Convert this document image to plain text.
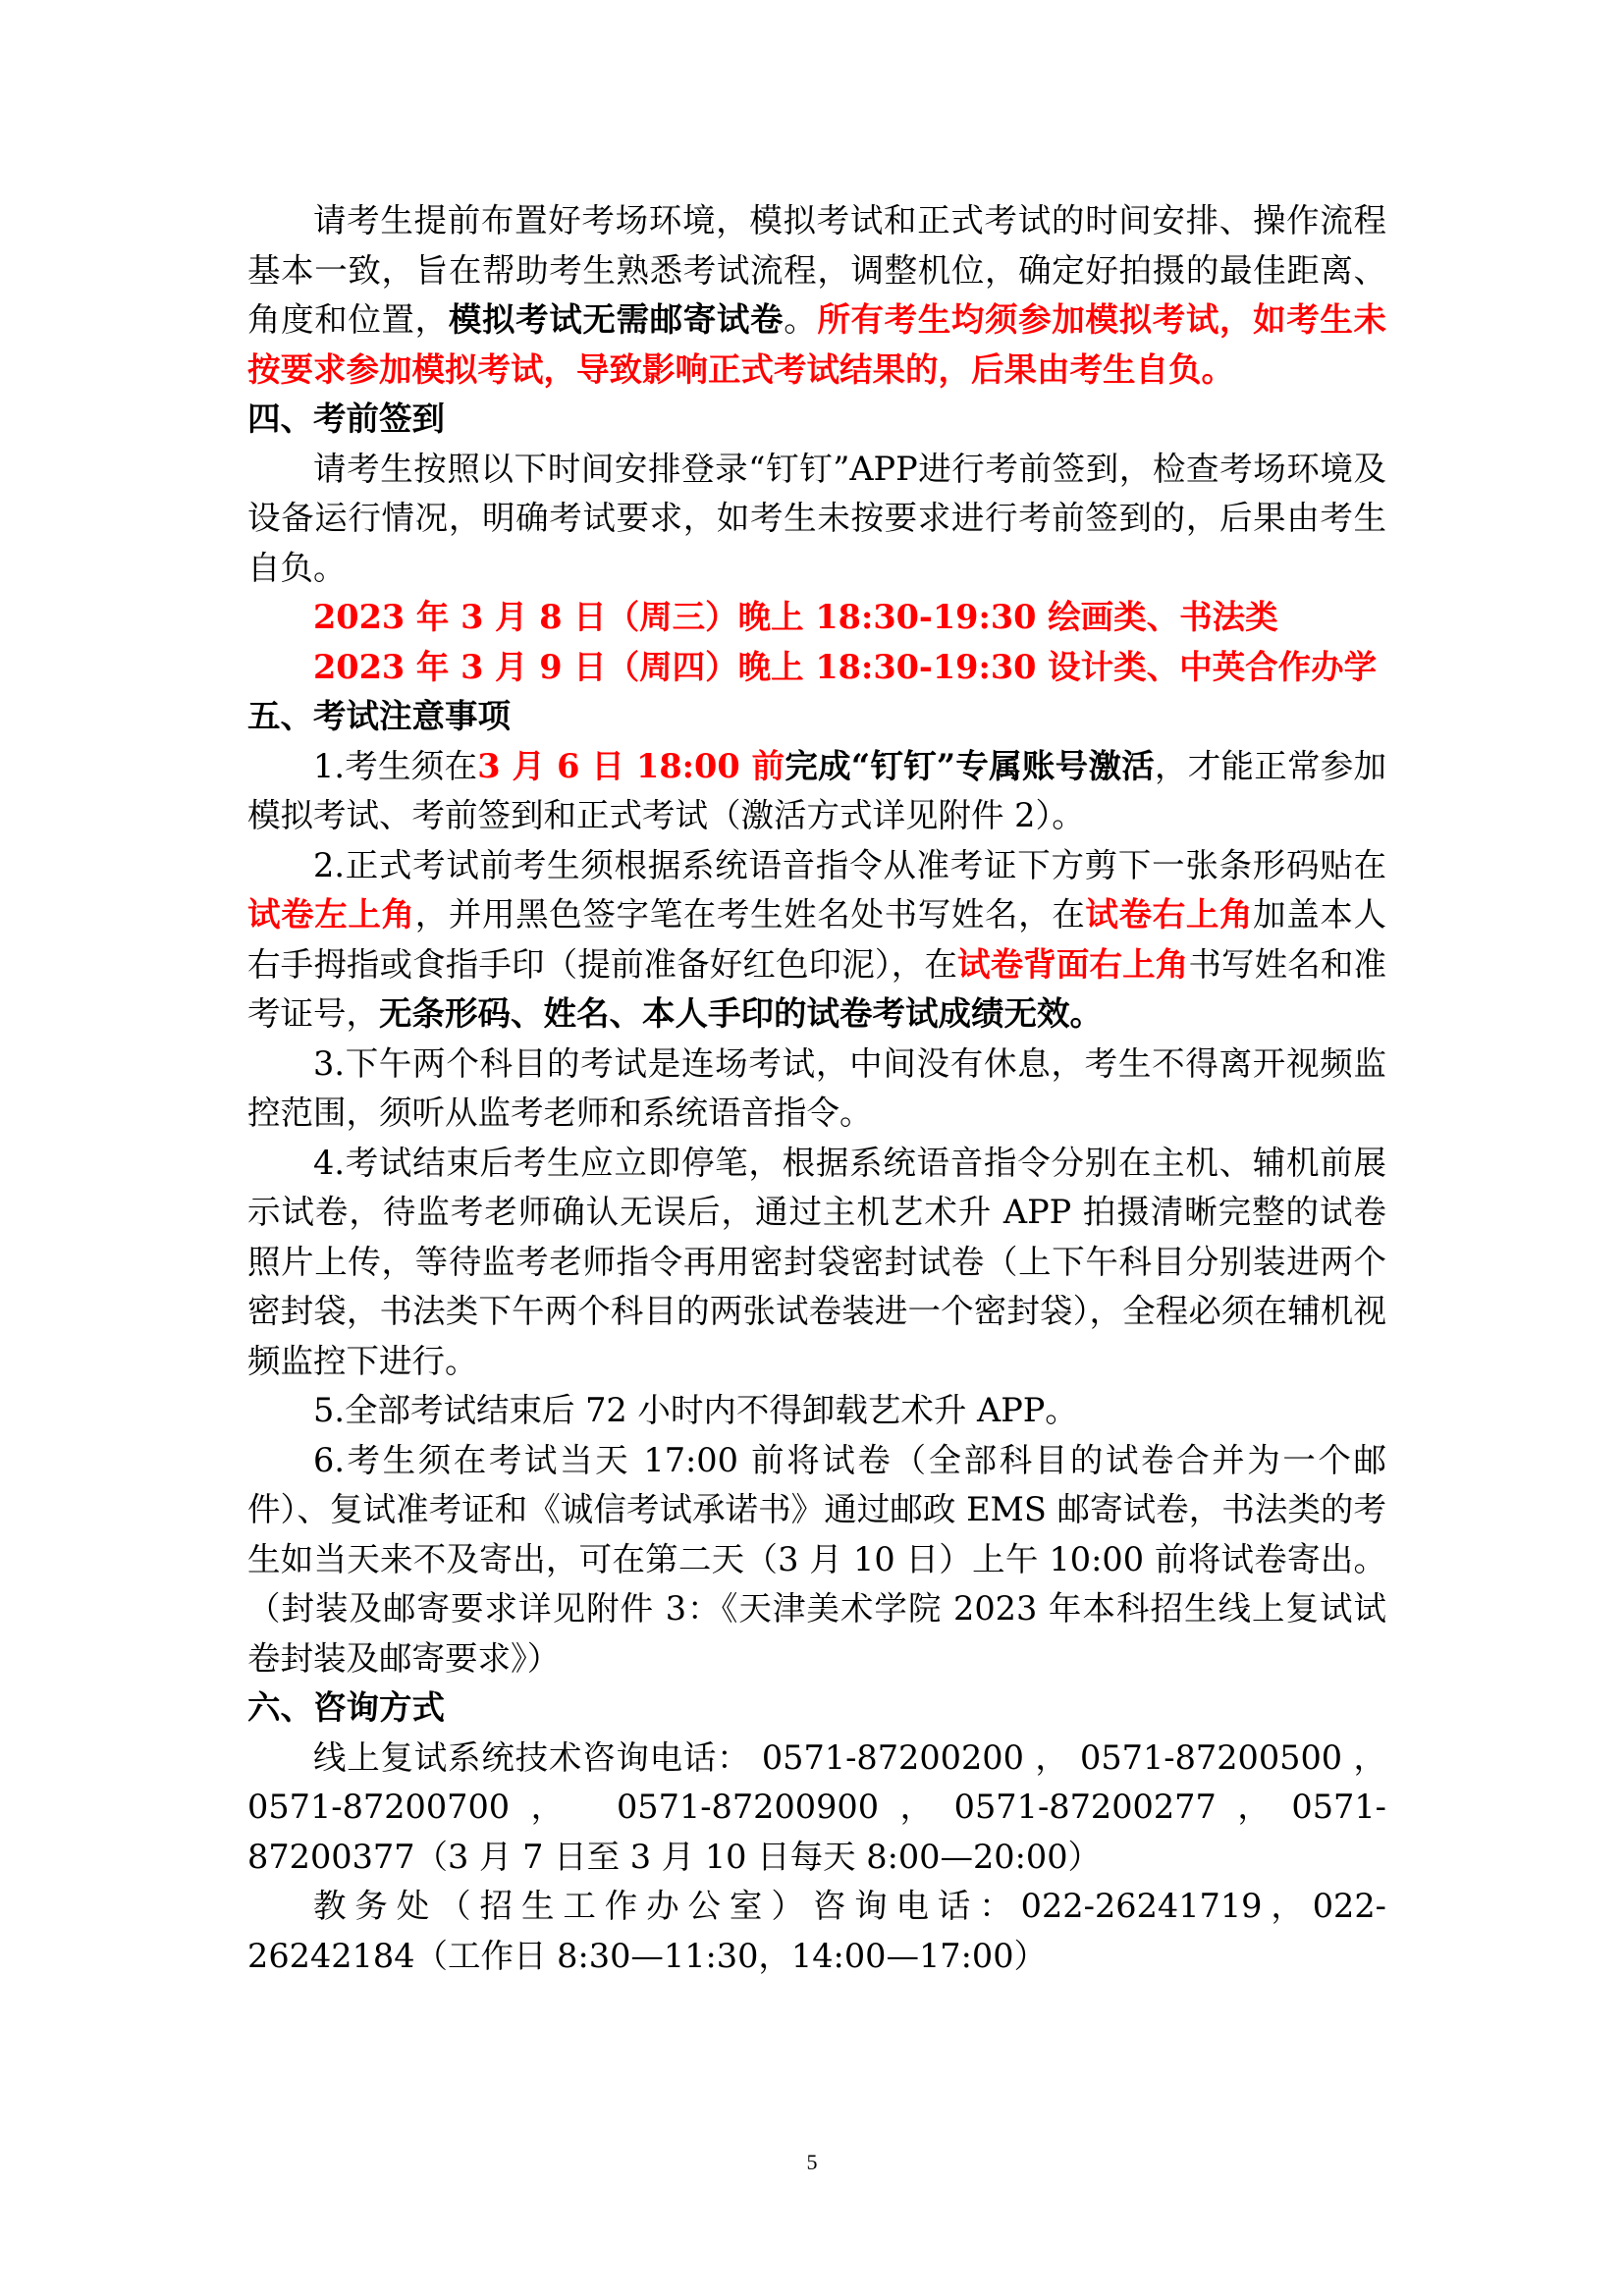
请考生提前布置好考场环境，模拟考试和正式考试的时间安排、操作流程基本一致，旨在帮助考生熟悉考试流程，调整机位，确定好拍摄的最佳距离、角度和位置，模拟考试无需邮寄试卷。所有考生均须参加模拟考试，如考生未按要求参加模拟考试，导致影响正式考试结果的，后果由考生自负。

四、考前签到

请考生按照以下时间安排登录“钉钉”APP进行考前签到，检查考场环境及设备运行情况，明确考试要求，如考生未按要求进行考前签到的，后果由考生自负。

2023 年 3 月 8 日（周三）晚上 18:30-19:30 绘画类、书法类

2023 年 3 月 9 日（周四）晚上 18:30-19:30 设计类、中英合作办学

五、考试注意事项

1.考生须在3 月 6 日 18:00 前完成“钉钉”专属账号激活，才能正常参加模拟考试、考前签到和正式考试（激活方式详见附件 2）。

2.正式考试前考生须根据系统语音指令从准考证下方剪下一张条形码贴在试卷左上角，并用黑色签字笔在考生姓名处书写姓名，在试卷右上角加盖本人右手拇指或食指手印（提前准备好红色印泥），在试卷背面右上角书写姓名和准考证号，无条形码、姓名、本人手印的试卷考试成绩无效。

3.下午两个科目的考试是连场考试，中间没有休息，考生不得离开视频监控范围，须听从监考老师和系统语音指令。

4.考试结束后考生应立即停笔，根据系统语音指令分别在主机、辅机前展示试卷，待监考老师确认无误后，通过主机艺术升 APP 拍摄清晰完整的试卷照片上传，等待监考老师指令再用密封袋密封试卷（上下午科目分别装进两个密封袋，书法类下午两个科目的两张试卷装进一个密封袋），全程必须在辅机视频监控下进行。

5.全部考试结束后 72 小时内不得卸载艺术升 APP。

6.考生须在考试当天 17:00 前将试卷（全部科目的试卷合并为一个邮件）、复试准考证和《诚信考试承诺书》通过邮政 EMS 邮寄试卷，书法类的考生如当天来不及寄出，可在第二天（3 月 10 日）上午 10:00 前将试卷寄出。（封装及邮寄要求详见附件 3：《天津美术学院 2023 年本科招生线上复试试卷封装及邮寄要求》）

六、咨询方式

线上复试系统技术咨询电话： 0571-87200200 ， 0571-87200500 ，

0571-87200700， 0571-87200900，0571-87200277，0571-87200377（3 月 7 日至 3 月 10 日每天 8:00—20:00）

教务处（招生工作办公室）咨询电话：022-26241719，022-26242184（工作日 8:30—11:30，14:00—17:00）

5
